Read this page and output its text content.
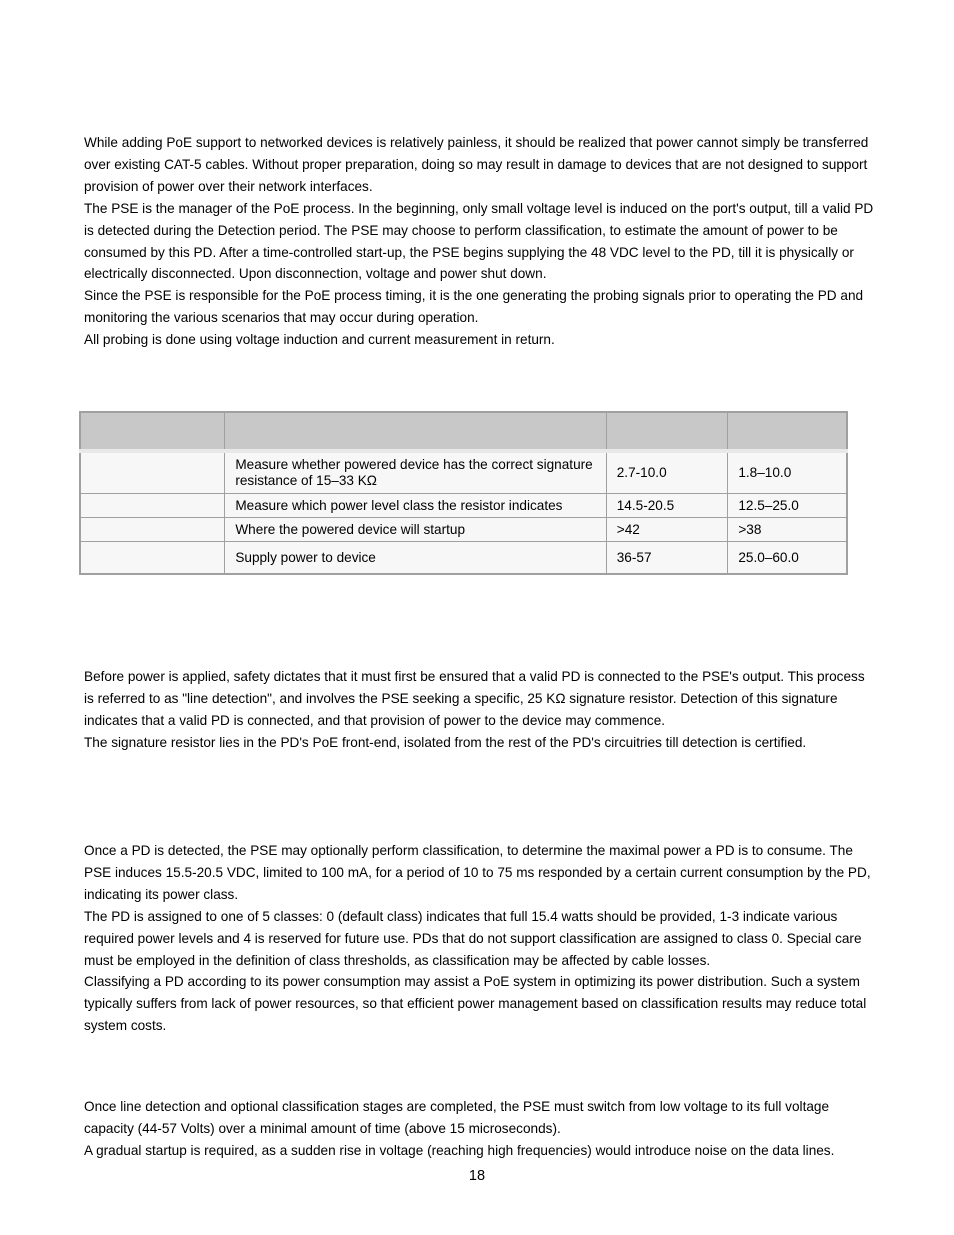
While adding PoE support to networked devices is relatively painless, it should be realized that power cannot simply be transferred over existing CAT-5 cables. Without proper preparation, doing so may result in damage to devices that are not designed to support provision of power over their network interfaces.

The PSE is the manager of the PoE process. In the beginning, only small voltage level is induced on the port's output, till a valid PD is detected during the Detection period. The PSE may choose to perform classification, to estimate the amount of power to be consumed by this PD. After a time-controlled start-up, the PSE begins supplying the 48 VDC level to the PD, till it is physically or electrically disconnected. Upon disconnection, voltage and power shut down.

Since the PSE is responsible for the PoE process timing, it is the one generating the probing signals prior to operating the PD and monitoring the various scenarios that may occur during operation.

All probing is done using voltage induction and current measurement in return.

	Measure whether powered device has the correct signature resistance of 15–33 KΩ	2.7-10.0	1.8–10.0
	Measure which power level class the resistor indicates	14.5-20.5	12.5–25.0
	Where the powered device will startup	>42	>38
	Supply power to device	36-57	25.0–60.0

Before power is applied, safety dictates that it must first be ensured that a valid PD is connected to the PSE's output. This process is referred to as "line detection", and involves the PSE seeking a specific, 25 KΩ signature resistor. Detection of this signature indicates that a valid PD is connected, and that provision of power to the device may commence.

The signature resistor lies in the PD's PoE front-end, isolated from the rest of the PD's circuitries till detection is certified.

Once a PD is detected, the PSE may optionally perform classification, to determine the maximal power a PD is to consume. The PSE induces 15.5-20.5 VDC, limited to 100 mA, for a period of 10 to 75 ms responded by a certain current consumption by the PD, indicating its power class.

The PD is assigned to one of 5 classes: 0 (default class) indicates that full 15.4 watts should be provided, 1-3 indicate various required power levels and 4 is reserved for future use. PDs that do not support classification are assigned to class 0. Special care must be employed in the definition of class thresholds, as classification may be affected by cable losses.

Classifying a PD according to its power consumption may assist a PoE system in optimizing its power distribution. Such a system typically suffers from lack of power resources, so that efficient power management based on classification results may reduce total system costs.

Once line detection and optional classification stages are completed, the PSE must switch from low voltage to its full voltage capacity (44-57 Volts) over a minimal amount of time (above 15 microseconds).

A gradual startup is required, as a sudden rise in voltage (reaching high frequencies) would introduce noise on the data lines.

18
